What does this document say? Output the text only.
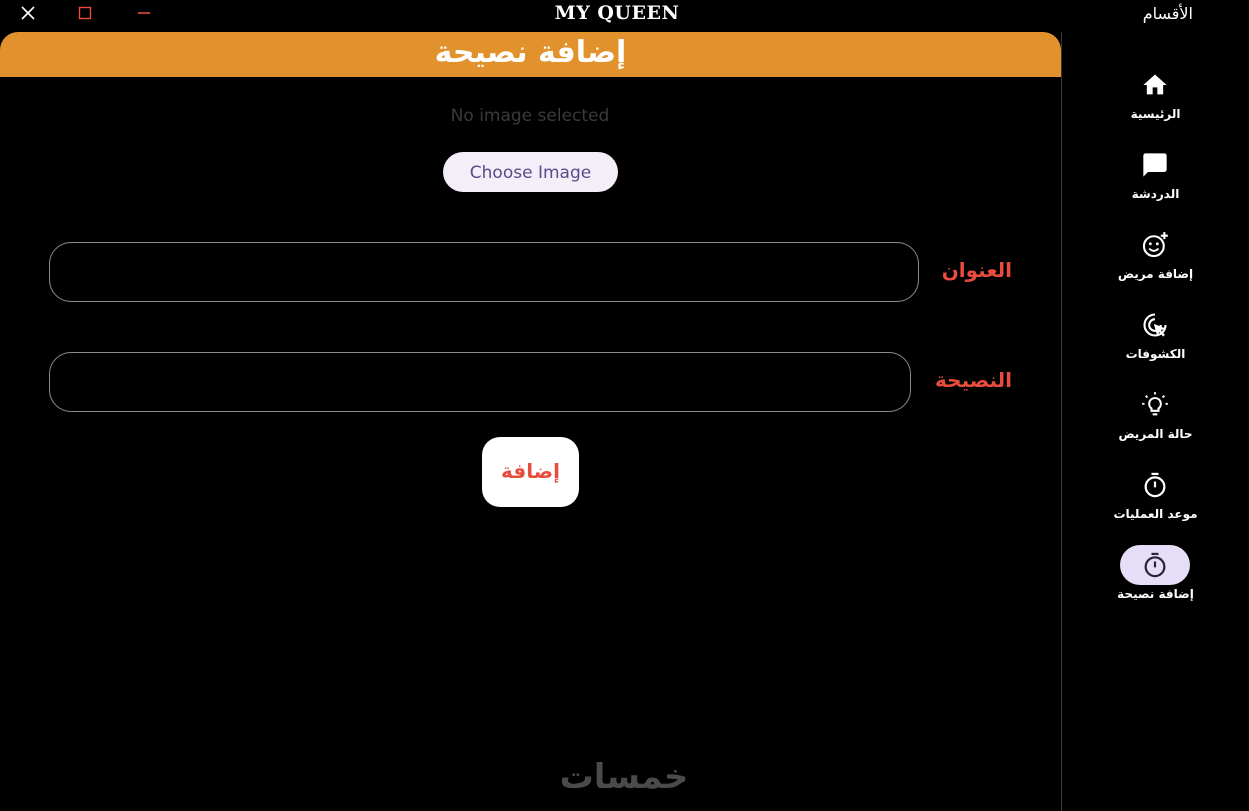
MY QUEEN
إضافة نصيحة
No image selected
Choose Image
العنوان
النصيحة
إضافة
خمسات
الأقسام
الرئيسية
الدردشة
إضافة مريض
الكشوفات
حالة المريض
موعد العمليات
إضافة نصيحة
